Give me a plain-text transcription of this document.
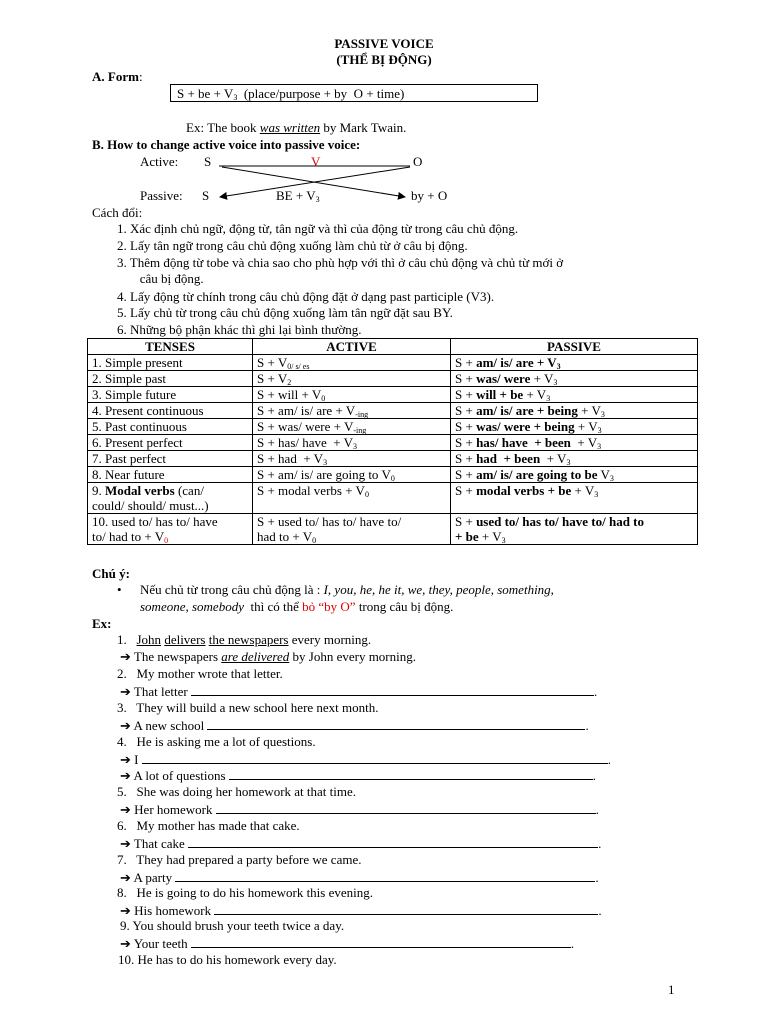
PASSIVE VOICE
(THỂ BỊ ĐỘNG)
A. Form:
S + be + $V_3$  (place/purpose + by  O + time)
Ex: The book was written by Mark Twain.
B. How to change active voice into passive voice:
Active: S	V	O
Passive: S	BE + $V_3$	by + O
Cách đổi:
1. Xác định chủ ngữ, động từ, tân ngữ và thì của động từ trong câu chủ động.
2. Lấy tân ngữ trong câu chủ động xuống làm chủ từ ở câu bị động.
3. Thêm động từ tobe và chia sao cho phù hợp với thì ở câu chủ động và chủ từ mới ở
câu bị động.
4. Lấy động từ chính trong câu chủ động đặt ở dạng past participle (V3).
5. Lấy chủ từ trong câu chủ động xuống làm tân ngữ đặt sau BY.
6. Những bộ phận khác thì ghi lại bình thường.
TENSES	ACTIVE	PASSIVE
1. Simple present	$S + V_{0/ s/ es}$	S + am/ is/ are + $V_3$
2. Simple past	$S + V_2$	S + was/ were + $V_3$
3. Simple future	S + will + $V_0$	S + will + be + $V_3$
4. Present continuous	S + am/ is/ are + $V_{-ing}$	S + am/ is/ are + being + $V_3$
5. Past continuous	S + was/ were + $V_{-ing}$	S + was/ were + being + $V_3$
6. Present perfect	S + has/ have  + $V_3$	S + has/ have  + been  + $V_3$
7. Past perfect	S + had  + $V_3$	S + had  + been  + $V_3$
8. Near future	S + am/ is/ are going to $V_0$	S + am/ is/ are going to be $V_3$
9. Modal verbs (can/
could/ should/ must...)	S + modal verbs + $V_0$	S + modal verbs + be + $V_3$
10. used to/ has to/ have
to/ had to + $V_0$	S + used to/ has to/ have to/
had to + $V_0$	S + used to/ has to/ have to/ had to
+ be + $V_3$
Chú ý:
• Nếu chủ từ trong câu chủ động là : I, you, he, he it, we, they, people, something,
someone, somebody  thì có thể bỏ “by O” trong câu bị động.
Ex:
1.   John delivers the newspapers every morning.
➔ The newspapers are delivered by John every morning.
2.   My mother wrote that letter.
➔ That letter	.
3.   They will build a new school here next month.
➔ A new school	.
4.   He is asking me a lot of questions.
➔ I	.
➔ A lot of questions	.
5.   She was doing her homework at that time.
➔ Her homework	.
6.   My mother has made that cake.
➔ That cake	.
7.   They had prepared a party before we came.
➔ A party	.
8.   He is going to do his homework this evening.
➔ His homework	.
9. You should brush your teeth twice a day.
➔ Your teeth	.
10. He has to do his homework every day.
1
